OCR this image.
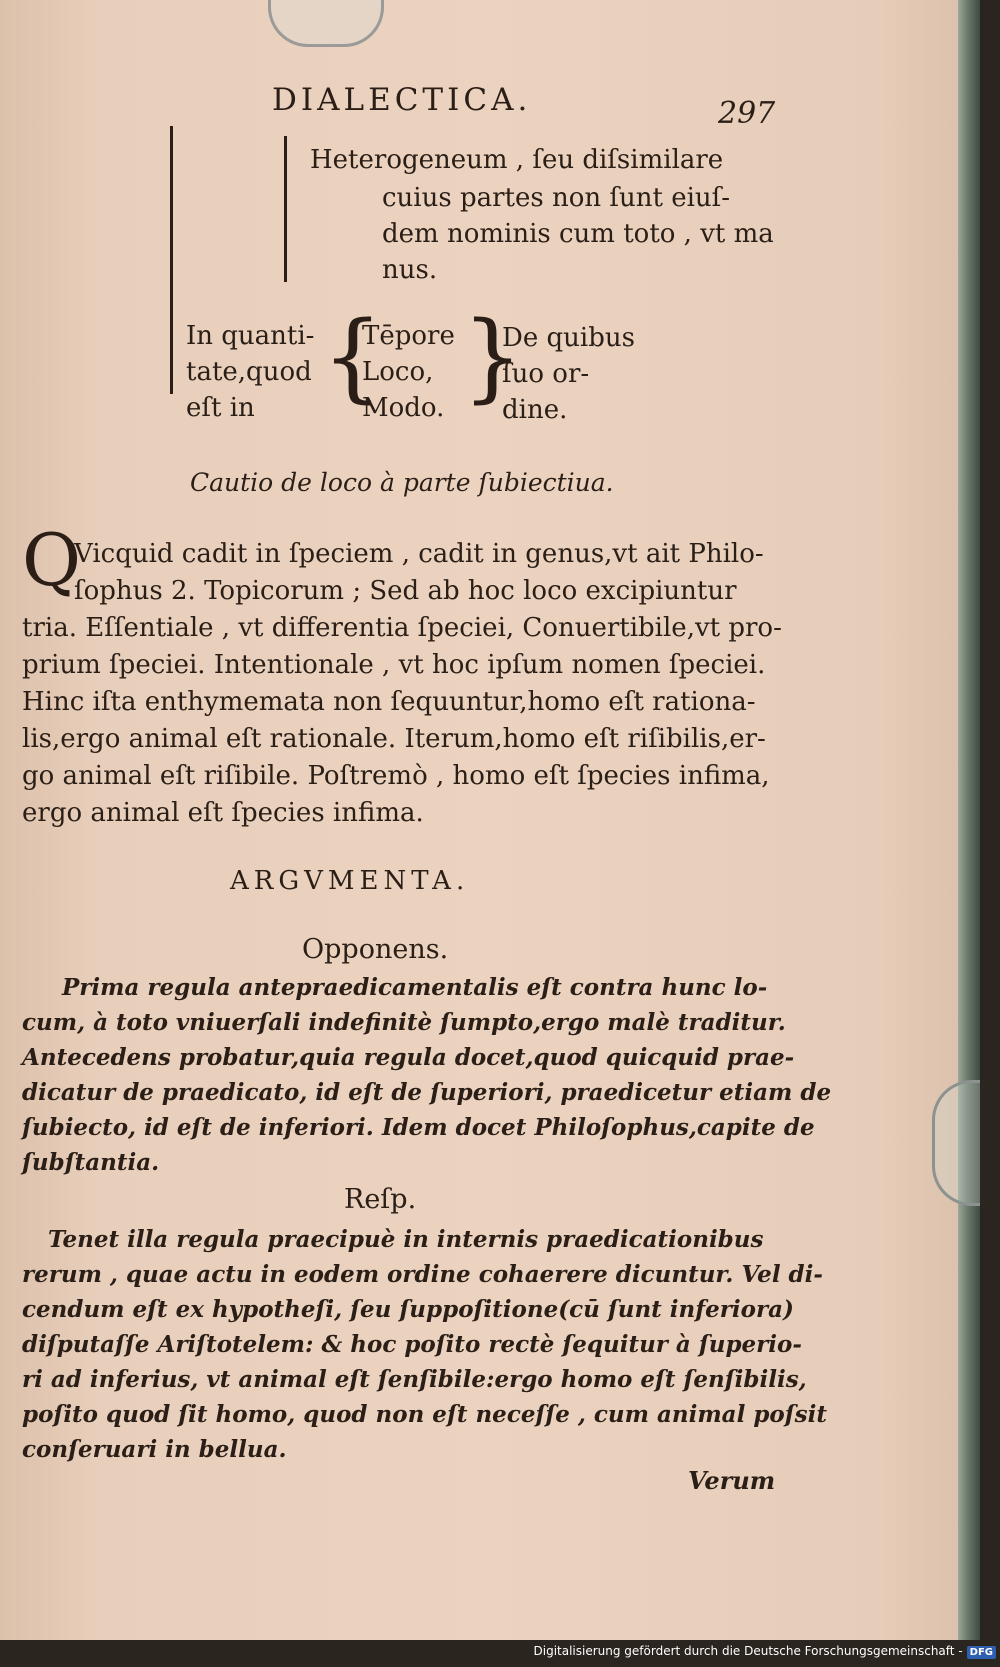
DIALECTICA.	297
Heterogeneum , ſeu diſsimilare
cuius partes non ſunt eiuſ-
dem nominis cum toto , vt ma
nus.
In quanti-
tate,quod
eſt in {
Tēpore
Loco,
Modo. }
De quibus
ſuo or-
dine.
Cautio de loco à parte ſubiectiua.
Q
Vicquid cadit in ſpeciem , cadit in genus,vt ait Philo-
ſophus 2. Topicorum ; Sed ab hoc loco excipiuntur
tria. Eſſentiale , vt differentia ſpeciei, Conuertibile,vt pro-
prium ſpeciei. Intentionale , vt hoc ipſum nomen ſpeciei.
Hinc iſta enthymemata non ſequuntur,homo eſt rationa-
lis,ergo animal eſt rationale. Iterum,homo eſt riſibilis,er-
go animal eſt riſibile. Poſtremò , homo eſt ſpecies infima,
ergo animal eſt ſpecies infima.
ARGVMENTA.
Opponens.
Prima regula antepraedicamentalis eſt contra hunc lo-
cum, à toto vniuerſali indefinitè ſumpto,ergo malè traditur.
Antecedens probatur,quia regula docet,quod quicquid prae-
dicatur de praedicato, id eſt de ſuperiori, praedicetur etiam de
ſubiecto, id eſt de inferiori. Idem docet Philoſophus,capite de
ſubſtantia.
Reſp.
Tenet illa regula praecipuè in internis praedicationibus
rerum , quae actu in eodem ordine cohaerere dicuntur. Vel di-
cendum eſt ex hypotheſi, ſeu ſuppoſitione(cū ſunt inferiora)
diſputaſſe Ariſtotelem: & hoc poſito rectè ſequitur à ſuperio-
ri ad inferius, vt animal eſt ſenſibile:ergo homo eſt ſenſibilis,
poſito quod ſit homo, quod non eſt neceſſe , cum animal poſsit
conſeruari in bellua.
Verum
Digitalisierung gefördert durch die Deutsche Forschungsgemeinschaft - DFG
